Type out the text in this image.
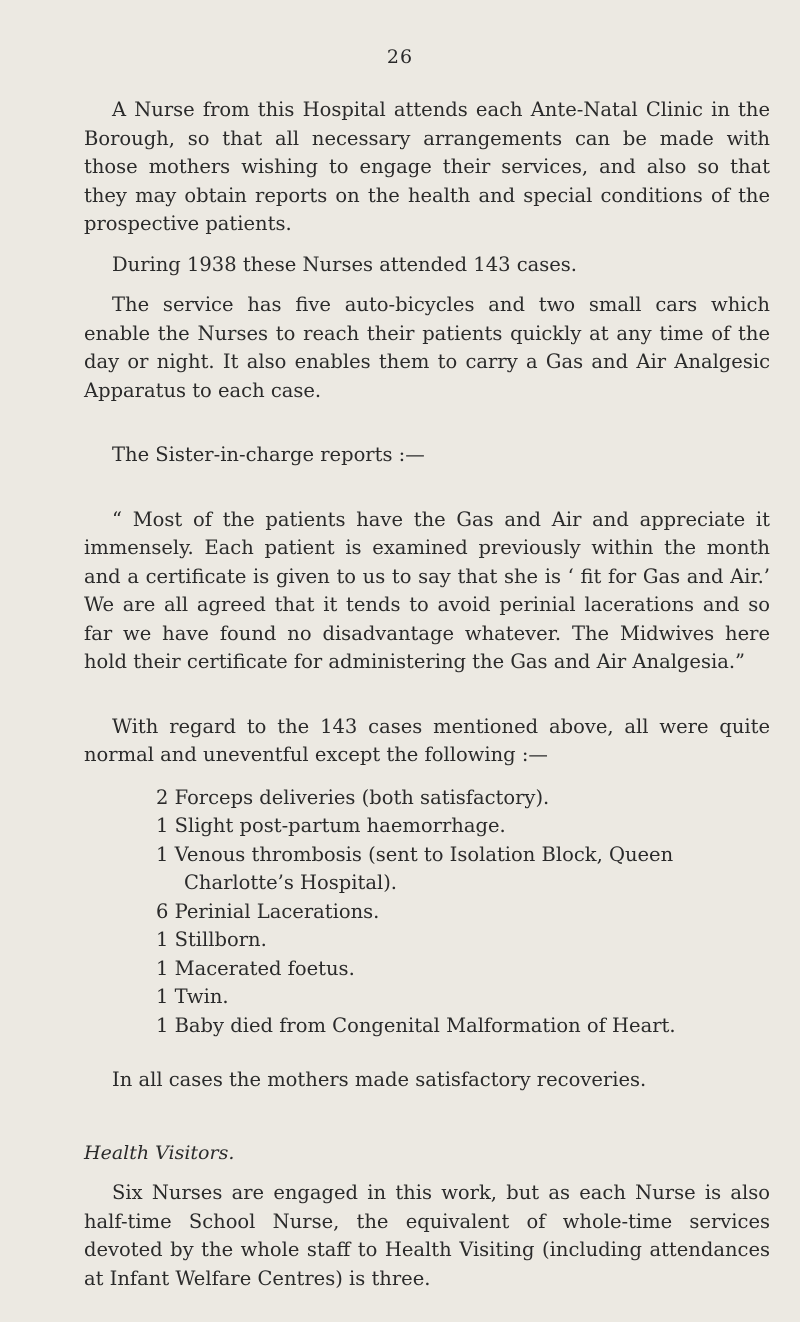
26

A Nurse from this Hospital attends each Ante-Natal Clinic in the Borough, so that all necessary arrangements can be made with those mothers wishing to engage their services, and also so that they may obtain reports on the health and special conditions of the prospective patients.

During 1938 these Nurses attended 143 cases.

The service has five auto-bicycles and two small cars which enable the Nurses to reach their patients quickly at any time of the day or night. It also enables them to carry a Gas and Air Analgesic Apparatus to each case.

The Sister-in-charge reports :—

“ Most of the patients have the Gas and Air and appreciate it immensely. Each patient is examined previously within the month and a certificate is given to us to say that she is ‘ fit for Gas and Air.’ We are all agreed that it tends to avoid perinial lacerations and so far we have found no disadvantage whatever. The Midwives here hold their certificate for administering the Gas and Air Analgesia.”

With regard to the 143 cases mentioned above, all were quite normal and uneventful except the following :—

2 Forceps deliveries (both satisfactory).
1 Slight post-partum haemorrhage.
1 Venous thrombosis (sent to Isolation Block, Queen Charlotte’s Hospital).
6 Perinial Lacerations.
1 Stillborn.
1 Macerated foetus.
1 Twin.
1 Baby died from Congenital Malformation of Heart.

In all cases the mothers made satisfactory recoveries.

Health Visitors.

Six Nurses are engaged in this work, but as each Nurse is also half-time School Nurse, the equivalent of whole-time services devoted by the whole staff to Health Visiting (including attendances at Infant Welfare Centres) is three.
